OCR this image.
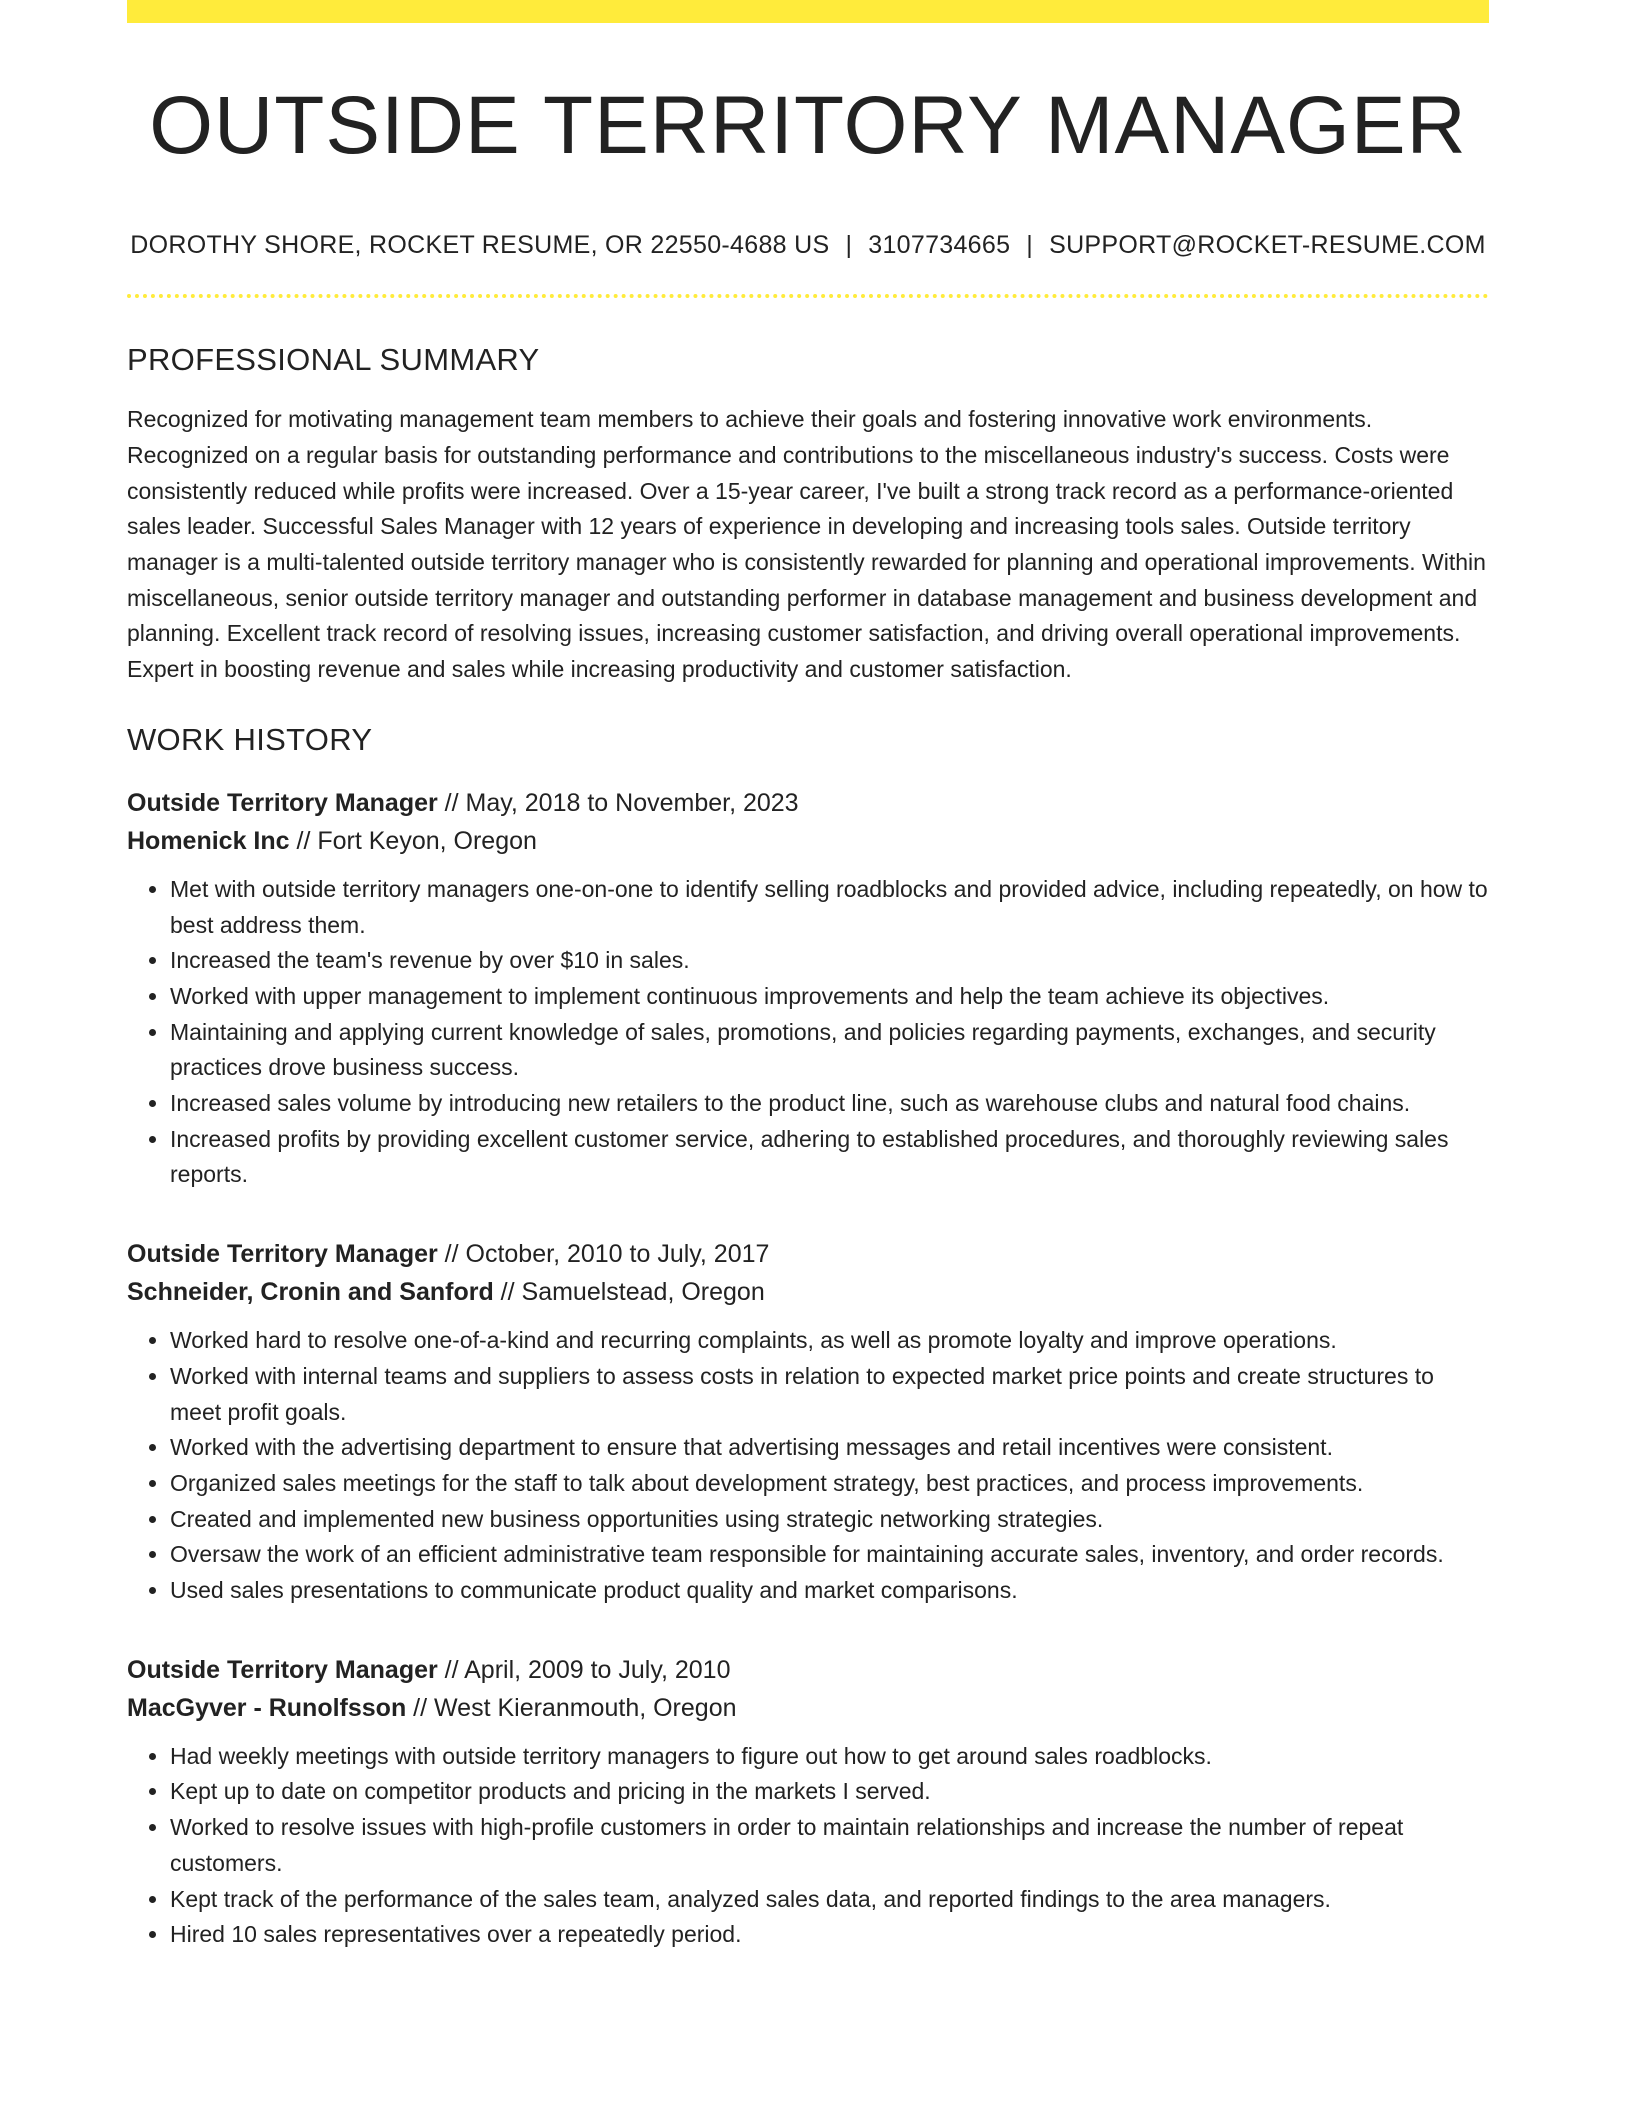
OUTSIDE TERRITORY MANAGER
DOROTHY SHORE, ROCKET RESUME, OR 22550-4688 US | 3107734665 | SUPPORT@ROCKET-RESUME.COM
PROFESSIONAL SUMMARY
Recognized for motivating management team members to achieve their goals and fostering innovative work environments. Recognized on a regular basis for outstanding performance and contributions to the miscellaneous industry's success. Costs were consistently reduced while profits were increased. Over a 15-year career, I've built a strong track record as a performance-oriented sales leader. Successful Sales Manager with 12 years of experience in developing and increasing tools sales. Outside territory manager is a multi-talented outside territory manager who is consistently rewarded for planning and operational improvements. Within miscellaneous, senior outside territory manager and outstanding performer in database management and business development and planning. Excellent track record of resolving issues, increasing customer satisfaction, and driving overall operational improvements. Expert in boosting revenue and sales while increasing productivity and customer satisfaction.
WORK HISTORY
Outside Territory Manager // May, 2018 to November, 2023
Homenick Inc // Fort Keyon, Oregon
• Met with outside territory managers one-on-one to identify selling roadblocks and provided advice, including repeatedly, on how to best address them.
• Increased the team's revenue by over $10 in sales.
• Worked with upper management to implement continuous improvements and help the team achieve its objectives.
• Maintaining and applying current knowledge of sales, promotions, and policies regarding payments, exchanges, and security practices drove business success.
• Increased sales volume by introducing new retailers to the product line, such as warehouse clubs and natural food chains.
• Increased profits by providing excellent customer service, adhering to established procedures, and thoroughly reviewing sales reports.
Outside Territory Manager // October, 2010 to July, 2017
Schneider, Cronin and Sanford // Samuelstead, Oregon
• Worked hard to resolve one-of-a-kind and recurring complaints, as well as promote loyalty and improve operations.
• Worked with internal teams and suppliers to assess costs in relation to expected market price points and create structures to meet profit goals.
• Worked with the advertising department to ensure that advertising messages and retail incentives were consistent.
• Organized sales meetings for the staff to talk about development strategy, best practices, and process improvements.
• Created and implemented new business opportunities using strategic networking strategies.
• Oversaw the work of an efficient administrative team responsible for maintaining accurate sales, inventory, and order records.
• Used sales presentations to communicate product quality and market comparisons.
Outside Territory Manager // April, 2009 to July, 2010
MacGyver - Runolfsson // West Kieranmouth, Oregon
• Had weekly meetings with outside territory managers to figure out how to get around sales roadblocks.
• Kept up to date on competitor products and pricing in the markets I served.
• Worked to resolve issues with high-profile customers in order to maintain relationships and increase the number of repeat customers.
• Kept track of the performance of the sales team, analyzed sales data, and reported findings to the area managers.
• Hired 10 sales representatives over a repeatedly period.
